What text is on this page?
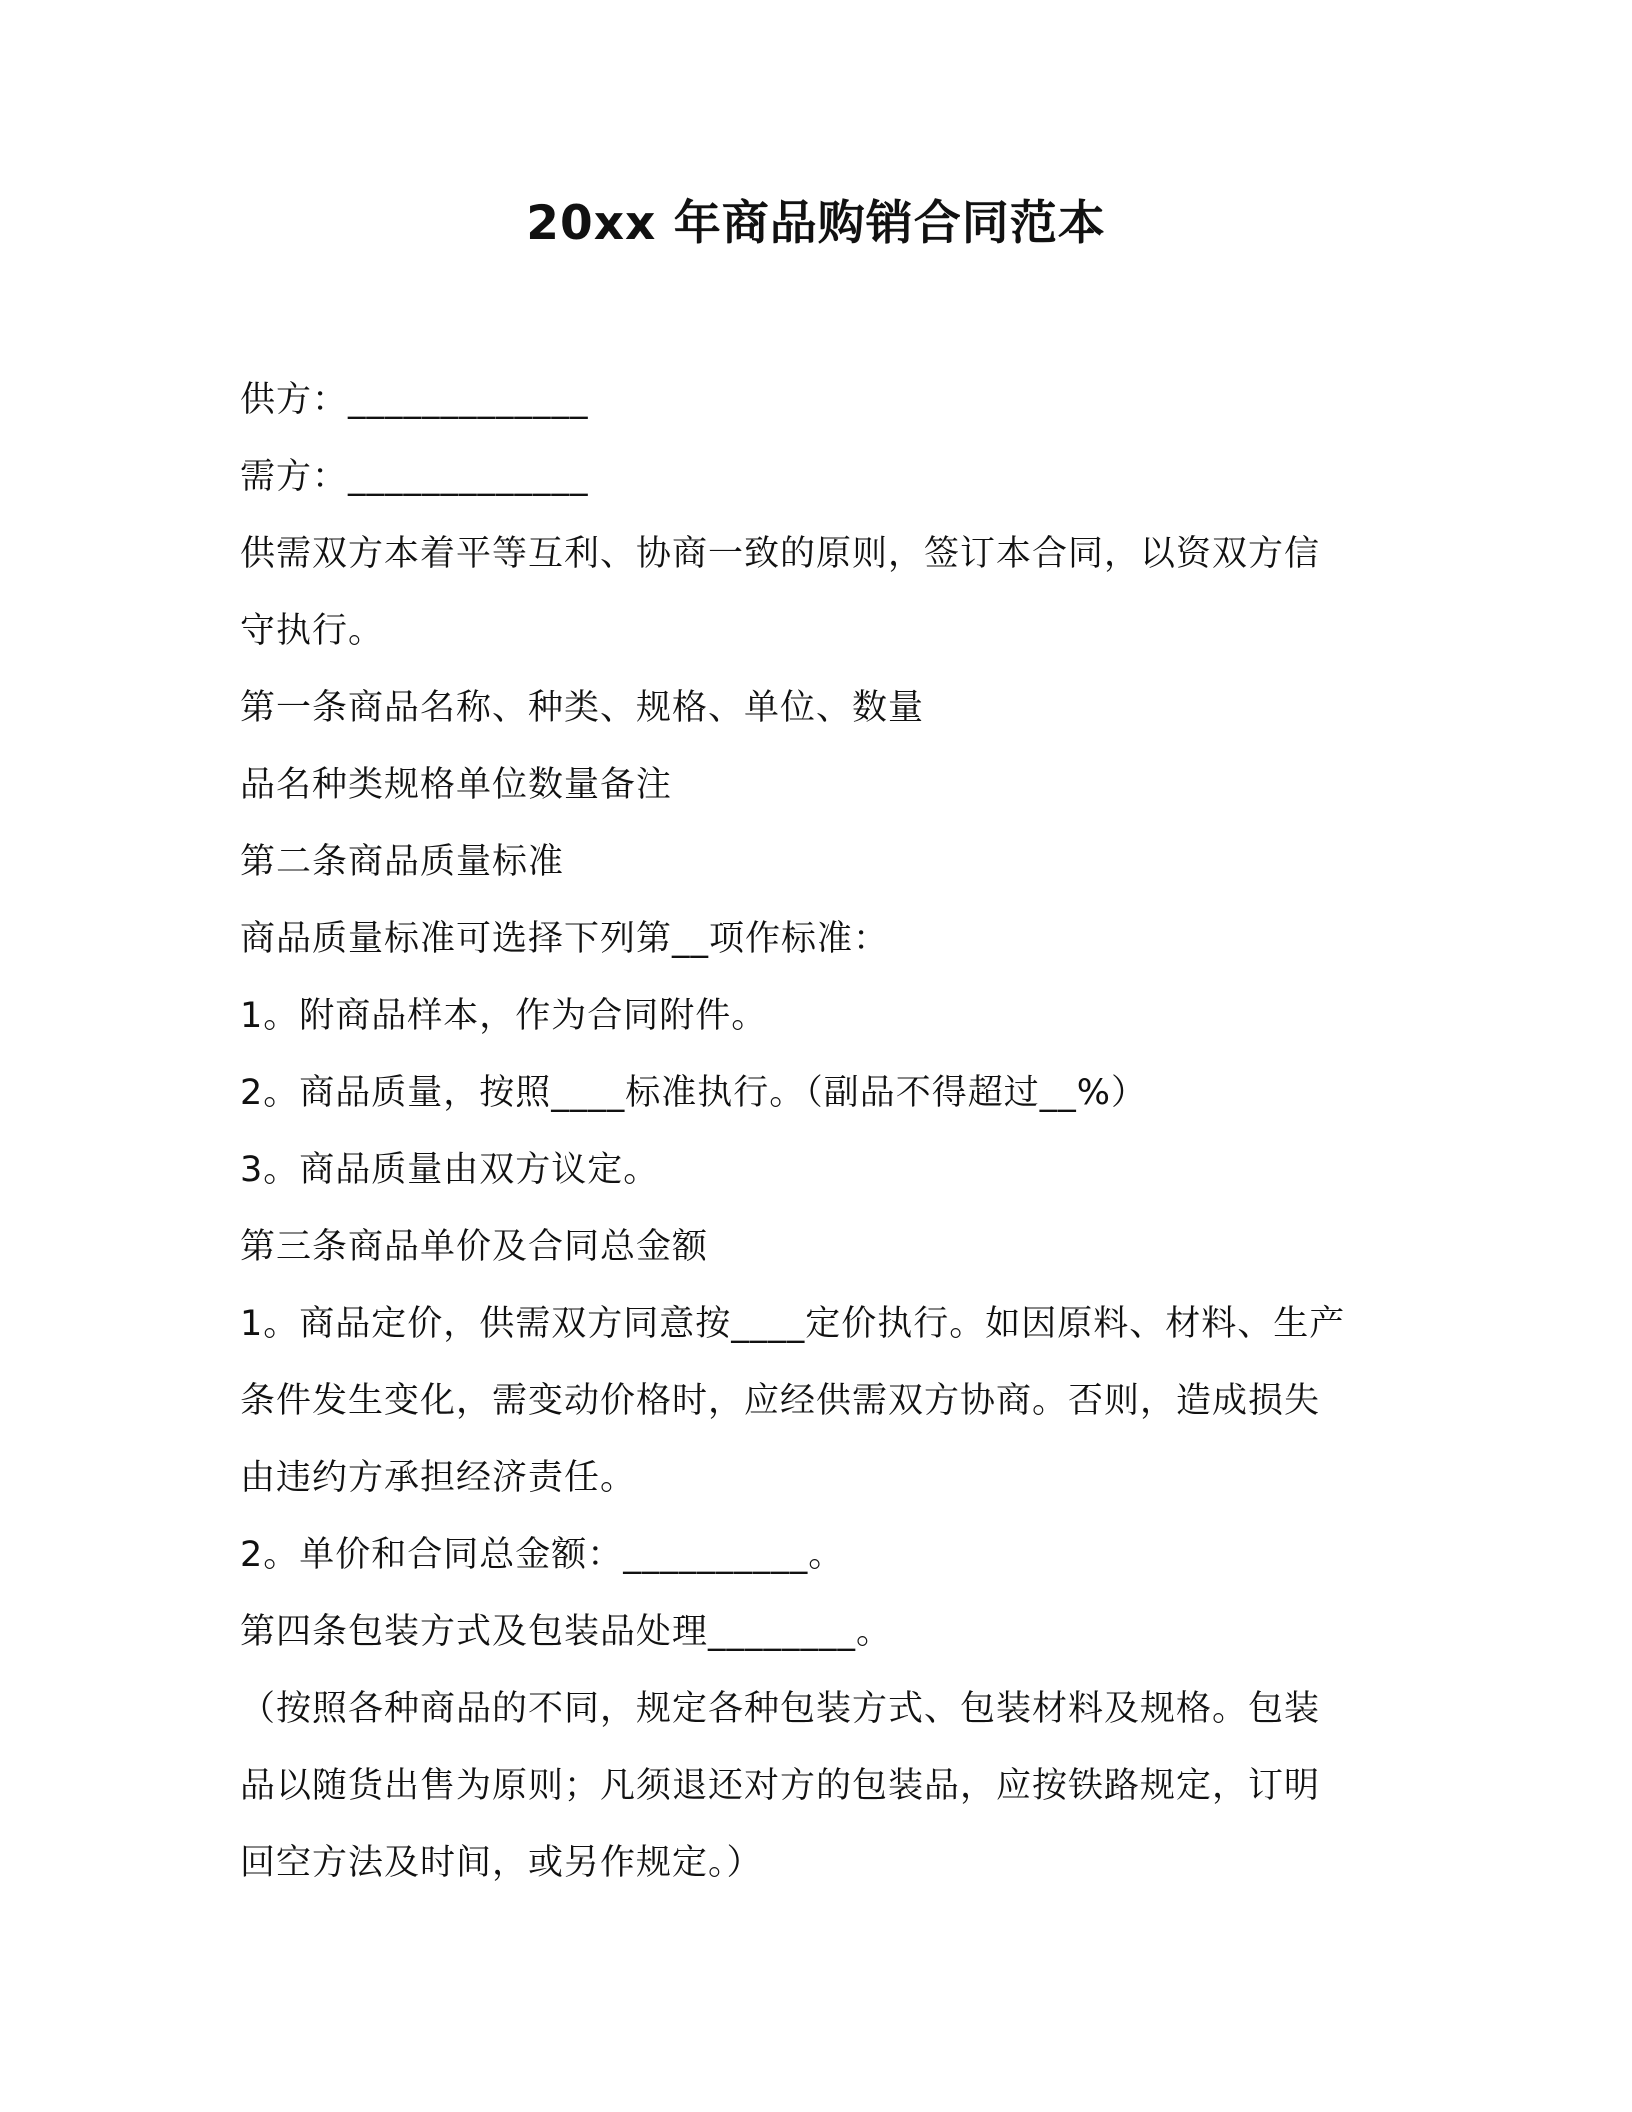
20xx 年商品购销合同范本
供方：_____________
需方：_____________
供需双方本着平等互利、协商一致的原则，签订本合同，以资双方信
守执行。
第一条商品名称、种类、规格、单位、数量
品名种类规格单位数量备注
第二条商品质量标准
商品质量标准可选择下列第__项作标准：
1。附商品样本，作为合同附件。
2。商品质量，按照____标准执行。（副品不得超过__%）
3。商品质量由双方议定。
第三条商品单价及合同总金额
1。商品定价，供需双方同意按____定价执行。如因原料、材料、生产
条件发生变化，需变动价格时，应经供需双方协商。否则，造成损失
由违约方承担经济责任。
2。单价和合同总金额：__________。
第四条包装方式及包装品处理________。
（按照各种商品的不同，规定各种包装方式、包装材料及规格。包装
品以随货出售为原则；凡须退还对方的包装品，应按铁路规定，订明
回空方法及时间，或另作规定。）
